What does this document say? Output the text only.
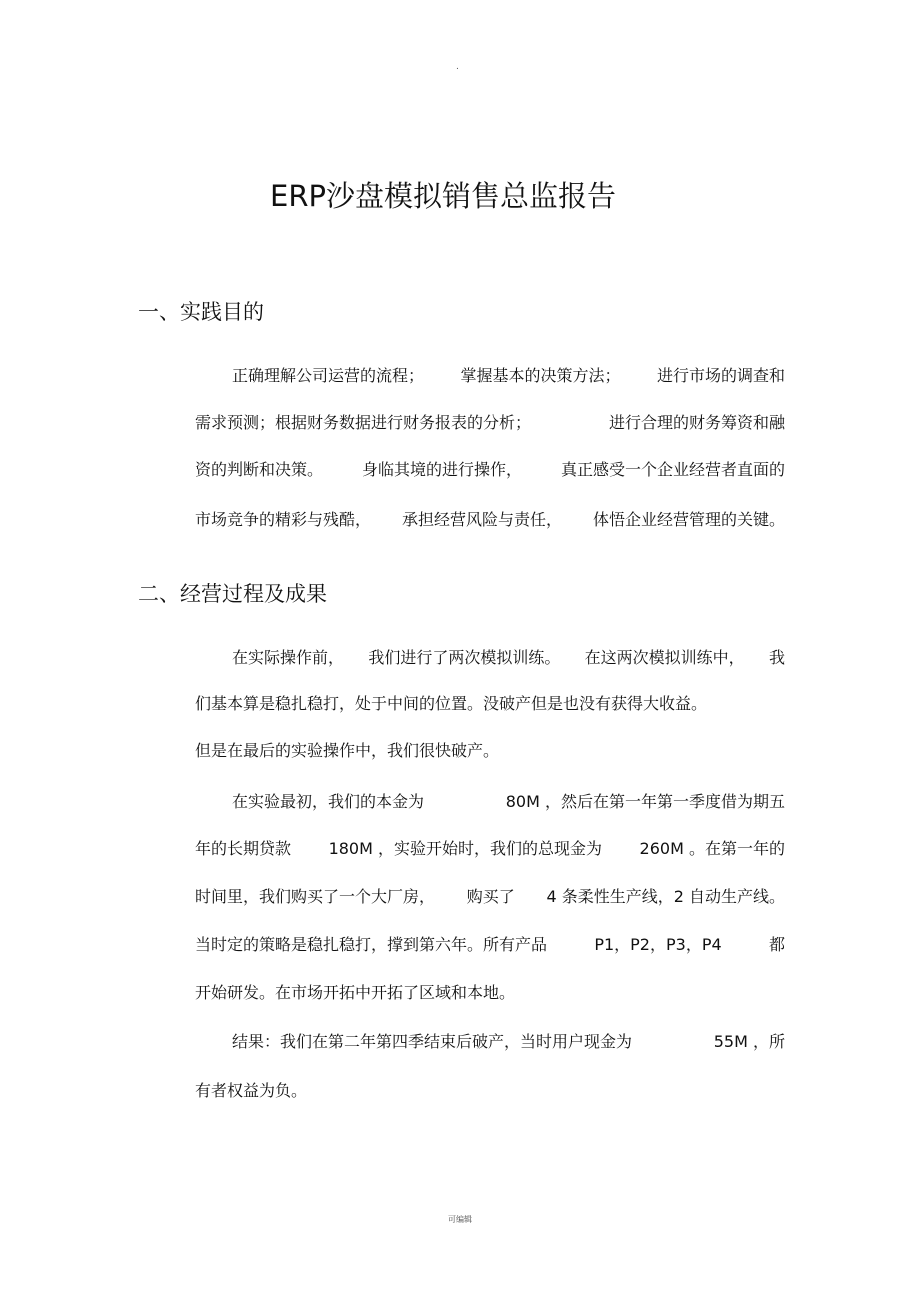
.
ERP沙盘模拟销售总监报告
一、实践目的
正确理解公司运营的流程； 掌握基本的决策方法； 进行市场的调查和
需求预测；根据财务数据进行财务报表的分析；	进行合理的财务筹资和融
资的判断和决策。 身临其境的进行操作， 真正感受一个企业经营者直面的
市场竞争的精彩与残酷， 承担经营风险与责任， 体悟企业经营管理的关键。
二、经营过程及成果
在实际操作前， 我们进行了两次模拟训练。 在这两次模拟训练中， 我
们基本算是稳扎稳打，处于中间的位置。没破产但是也没有获得大收益。
但是在最后的实验操作中，我们很快破产。
在实验最初，我们的本金为	80M ，然后在第一年第一季度借为期五
年的长期贷款 180M ，实验开始时，我们的总现金为 260M 。在第一年的
时间里，我们购买了一个大厂房， 购买了 4 条柔性生产线，2 自动生产线。
当时定的策略是稳扎稳打，撑到第六年。所有产品	P1，P2，P3，P4	都
开始研发。在市场开拓中开拓了区域和本地。
结果：我们在第二年第四季结束后破产，当时用户现金为	55M ，所
有者权益为负。
可编辑
